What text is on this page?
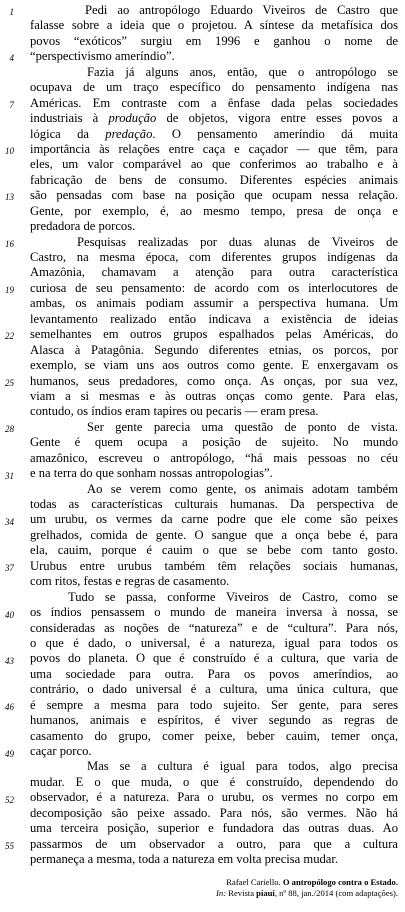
Pedi ao antropólogo Eduardo Viveiros de Castro que
falasse sobre a ideia que o projetou. A síntese da metafísica dos
povos “exóticos” surgiu em 1996 e ganhou o nome de
“perspectivismo ameríndio”.
Fazia já alguns anos, então, que o antropólogo se
ocupava de um traço específico do pensamento indígena nas
Américas. Em contraste com a ênfase dada pelas sociedades
industriais à produção de objetos, vigora entre esses povos a
lógica da predação. O pensamento ameríndio dá muita
importância às relações entre caça e caçador — que têm, para
eles, um valor comparável ao que conferimos ao trabalho e à
fabricação de bens de consumo. Diferentes espécies animais
são pensadas com base na posição que ocupam nessa relação.
Gente, por exemplo, é, ao mesmo tempo, presa de onça e
predadora de porcos.
Pesquisas realizadas por duas alunas de Viveiros de
Castro, na mesma época, com diferentes grupos indígenas da
Amazônia, chamavam a atenção para outra característica
curiosa de seu pensamento: de acordo com os interlocutores de
ambas, os animais podiam assumir a perspectiva humana. Um
levantamento realizado então indicava a existência de ideias
semelhantes em outros grupos espalhados pelas Américas, do
Alasca à Patagônia. Segundo diferentes etnias, os porcos, por
exemplo, se viam uns aos outros como gente. E enxergavam os
humanos, seus predadores, como onça. As onças, por sua vez,
viam a si mesmas e às outras onças como gente. Para elas,
contudo, os índios eram tapires ou pecaris — eram presa.
Ser gente parecia uma questão de ponto de vista.
Gente é quem ocupa a posição de sujeito. No mundo
amazônico, escreveu o antropólogo, “há mais pessoas no céu
e na terra do que sonham nossas antropologias”.
Ao se verem como gente, os animais adotam também
todas as características culturais humanas. Da perspectiva de
um urubu, os vermes da carne podre que ele come são peixes
grelhados, comida de gente. O sangue que a onça bebe é, para
ela, cauim, porque é cauim o que se bebe com tanto gosto.
Urubus entre urubus também têm relações sociais humanas,
com ritos, festas e regras de casamento.
Tudo se passa, conforme Viveiros de Castro, como se
os índios pensassem o mundo de maneira inversa à nossa, se
consideradas as noções de “natureza” e de “cultura”. Para nós,
o que é dado, o universal, é a natureza, igual para todos os
povos do planeta. O que é construído é a cultura, que varia de
uma sociedade para outra. Para os povos ameríndios, ao
contrário, o dado universal é a cultura, uma única cultura, que
é sempre a mesma para todo sujeito. Ser gente, para seres
humanos, animais e espíritos, é viver segundo as regras de
casamento do grupo, comer peixe, beber cauim, temer onça,
caçar porco.
Mas se a cultura é igual para todos, algo precisa
mudar. E o que muda, o que é construído, dependendo do
observador, é a natureza. Para o urubu, os vermes no corpo em
decomposição são peixe assado. Para nós, são vermes. Não há
uma terceira posição, superior e fundadora das outras duas. Ao
passarmos de um observador a outro, para que a cultura
permaneça a mesma, toda a natureza em volta precisa mudar.
1
4
7
10
13
16
19
22
25
28
31
34
37
40
43
46
49
52
55
Rafael Cariello. O antropólogo contra o Estado.
In: Revista piauí, nº 88, jan./2014 (com adaptações).
